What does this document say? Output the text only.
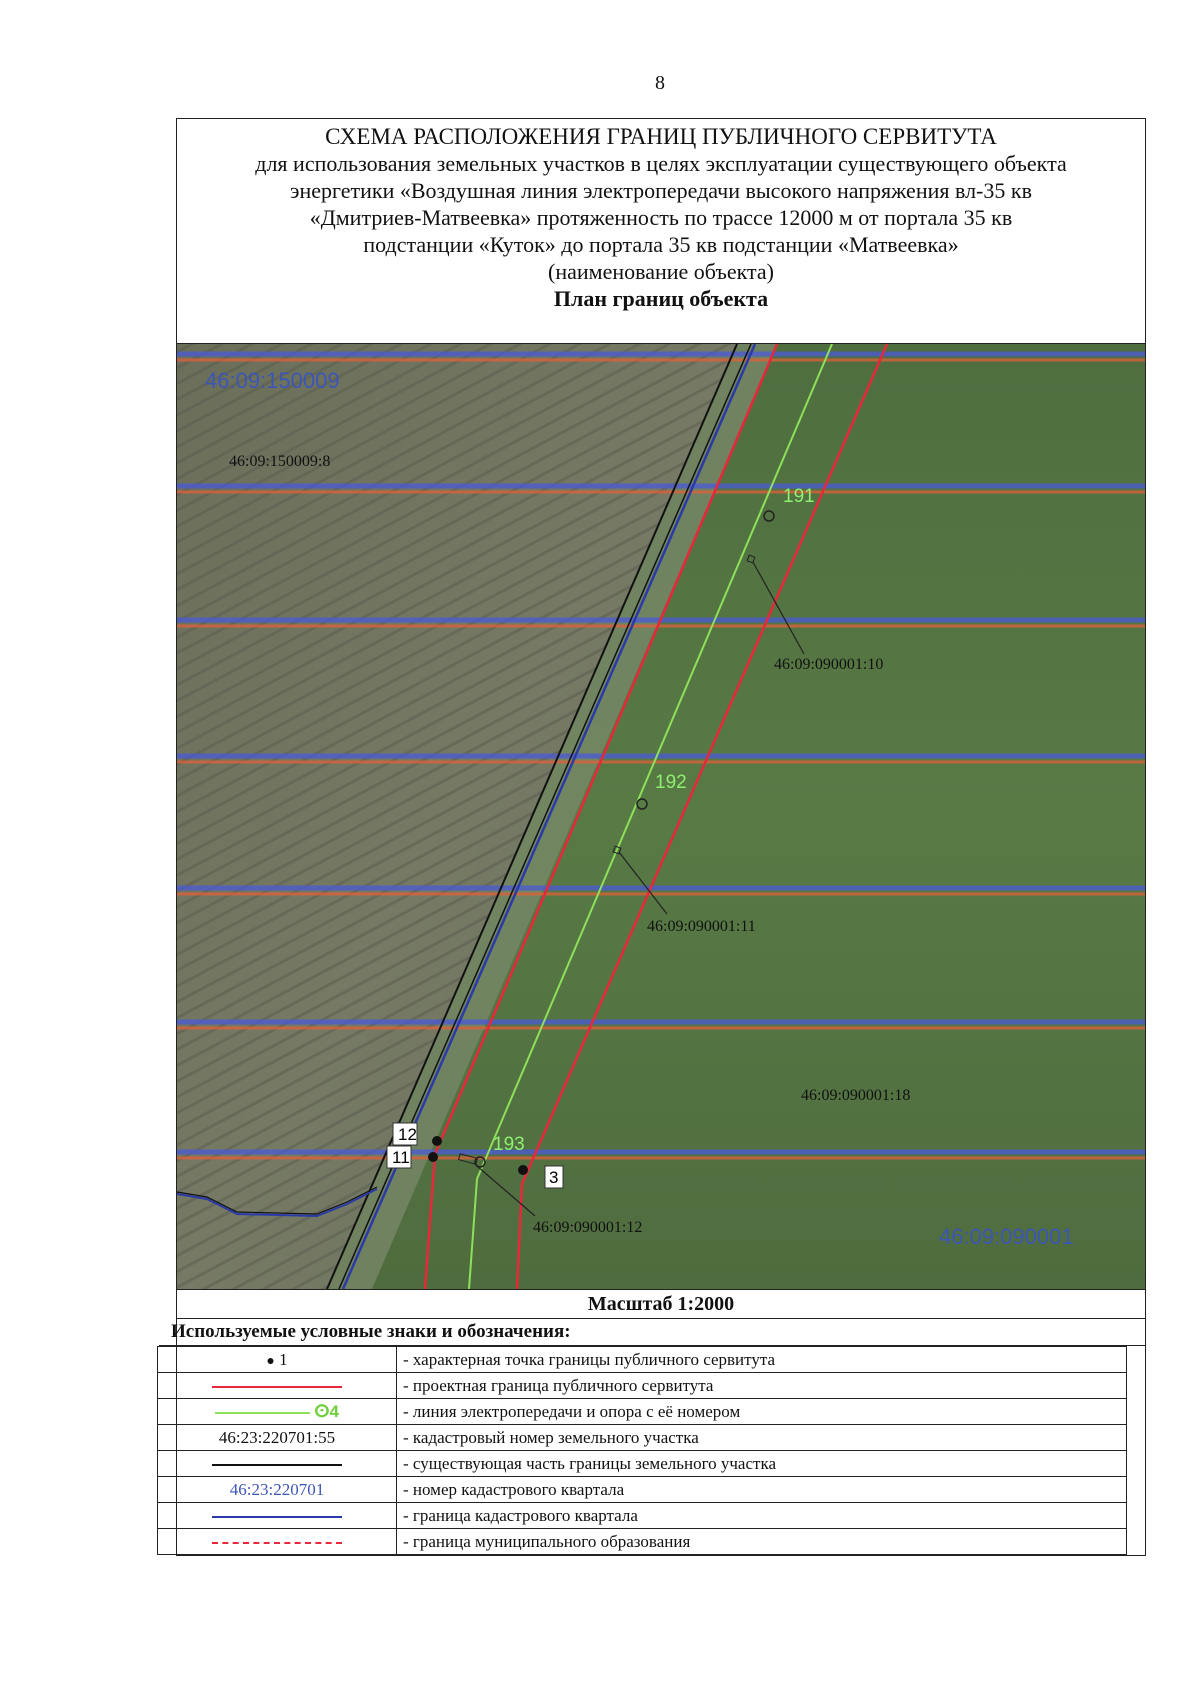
8
СХЕМА РАСПОЛОЖЕНИЯ ГРАНИЦ ПУБЛИЧНОГО СЕРВИТУТА
для использования земельных участков в целях эксплуатации существующего объекта
энергетики «Воздушная линия электропередачи высокого напряжения вл-35 кв
«Дмитриев-Матвеевка» протяженность по трассе 12000 м от портала 35 кв
подстанции «Куток» до портала 35 кв подстанции «Матвеевка»
(наименование объекта)
План границ объекта
191
192
193
12
11
3
46:09:150009
46:09:090001
46:09:150009:8
46:09:090001:10
46:09:090001:11
46:09:090001:18
46:09:090001:12
Масштаб 1:2000
Используемые условные знаки и обозначения:
● 1	- характерная точка границы публичного сервитута
	- проектная граница публичного сервитута
ⵙ4	- линия электропередачи и опора с её номером
46:23:220701:55	- кадастровый номер земельного участка
	- существующая часть границы земельного участка
46:23:220701	- номер кадастрового квартала
	- граница кадастрового квартала
	- граница муниципального образования
